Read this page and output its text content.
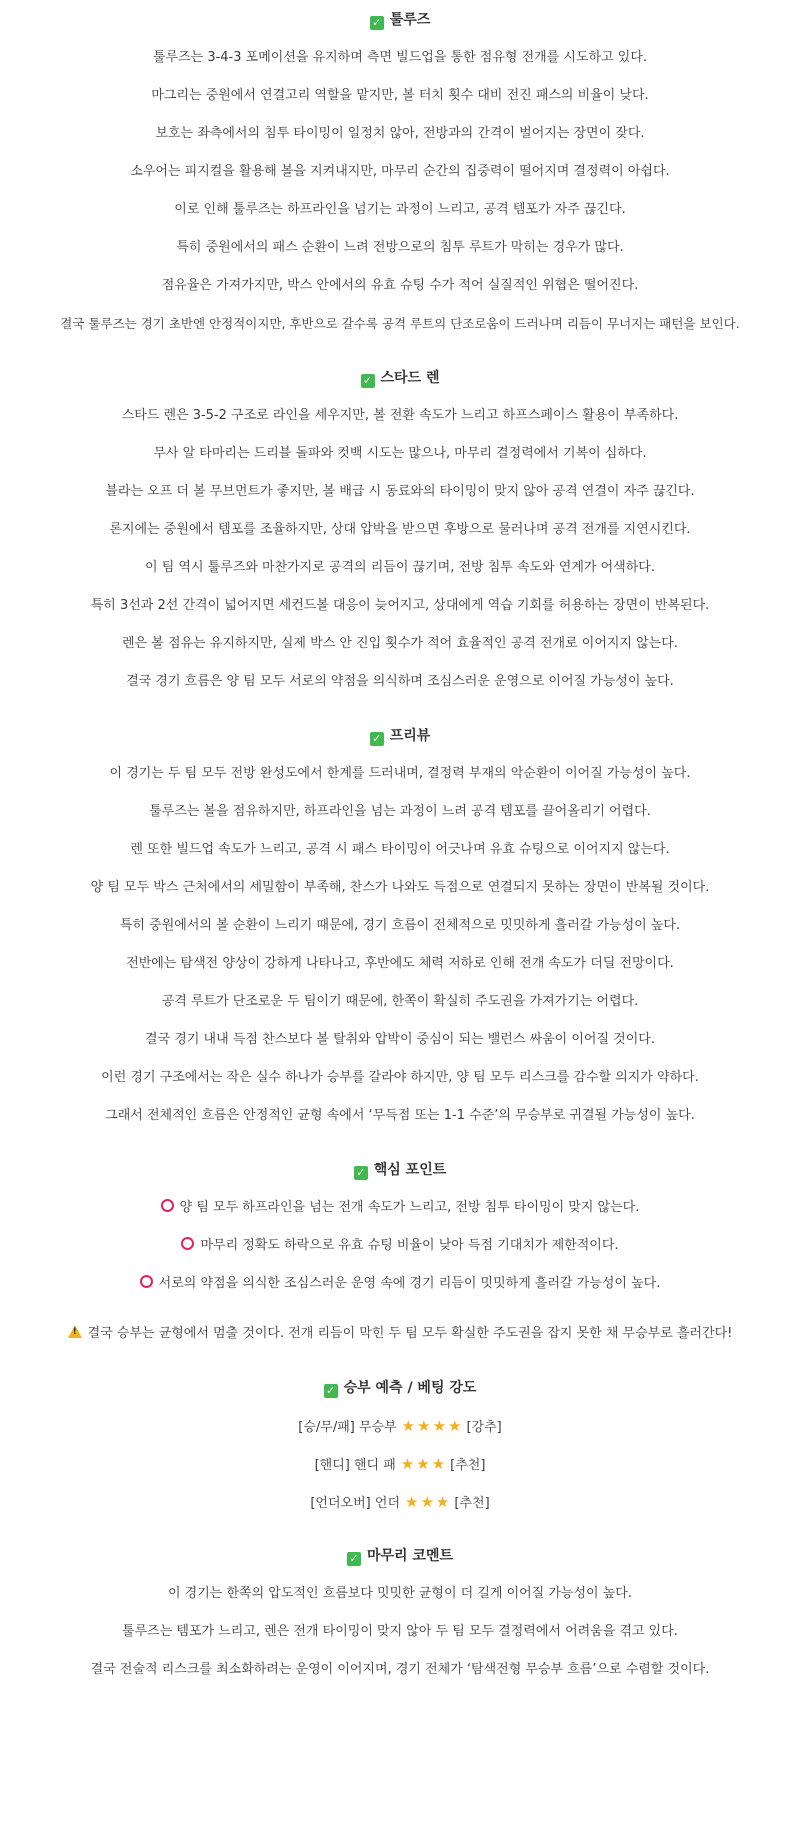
✓ 툴루즈

툴루즈는 3-4-3 포메이션을 유지하며 측면 빌드업을 통한 점유형 전개를 시도하고 있다.

마그리는 중원에서 연결고리 역할을 맡지만, 볼 터치 횟수 대비 전진 패스의 비율이 낮다.

보호는 좌측에서의 침투 타이밍이 일정치 않아, 전방과의 간격이 벌어지는 장면이 잦다.

소우어는 피지컬을 활용해 볼을 지켜내지만, 마무리 순간의 집중력이 떨어지며 결정력이 아쉽다.

이로 인해 툴루즈는 하프라인을 넘기는 과정이 느리고, 공격 템포가 자주 끊긴다.

특히 중원에서의 패스 순환이 느려 전방으로의 침투 루트가 막히는 경우가 많다.

점유율은 가져가지만, 박스 안에서의 유효 슈팅 수가 적어 실질적인 위협은 떨어진다.

결국 툴루즈는 경기 초반엔 안정적이지만, 후반으로 갈수록 공격 루트의 단조로움이 드러나며 리듬이 무너지는 패턴을 보인다.

✓ 스타드 렌

스타드 렌은 3-5-2 구조로 라인을 세우지만, 볼 전환 속도가 느리고 하프스페이스 활용이 부족하다.

무사 알 타마리는 드리블 돌파와 컷백 시도는 많으나, 마무리 결정력에서 기복이 심하다.

블라는 오프 더 볼 무브먼트가 좋지만, 볼 배급 시 동료와의 타이밍이 맞지 않아 공격 연결이 자주 끊긴다.

론지에는 중원에서 템포를 조율하지만, 상대 압박을 받으면 후방으로 물러나며 공격 전개를 지연시킨다.

이 팀 역시 툴루즈와 마찬가지로 공격의 리듬이 끊기며, 전방 침투 속도와 연계가 어색하다.

특히 3선과 2선 간격이 넓어지면 세컨드볼 대응이 늦어지고, 상대에게 역습 기회를 허용하는 장면이 반복된다.

렌은 볼 점유는 유지하지만, 실제 박스 안 진입 횟수가 적어 효율적인 공격 전개로 이어지지 않는다.

결국 경기 흐름은 양 팀 모두 서로의 약점을 의식하며 조심스러운 운영으로 이어질 가능성이 높다.

✓ 프리뷰

이 경기는 두 팀 모두 전방 완성도에서 한계를 드러내며, 결정력 부재의 악순환이 이어질 가능성이 높다.

툴루즈는 볼을 점유하지만, 하프라인을 넘는 과정이 느려 공격 템포를 끌어올리기 어렵다.

렌 또한 빌드업 속도가 느리고, 공격 시 패스 타이밍이 어긋나며 유효 슈팅으로 이어지지 않는다.

양 팀 모두 박스 근처에서의 세밀함이 부족해, 찬스가 나와도 득점으로 연결되지 못하는 장면이 반복될 것이다.

특히 중원에서의 볼 순환이 느리기 때문에, 경기 흐름이 전체적으로 밋밋하게 흘러갈 가능성이 높다.

전반에는 탐색전 양상이 강하게 나타나고, 후반에도 체력 저하로 인해 전개 속도가 더딜 전망이다.

공격 루트가 단조로운 두 팀이기 때문에, 한쪽이 확실히 주도권을 가져가기는 어렵다.

결국 경기 내내 득점 찬스보다 볼 탈취와 압박이 중심이 되는 밸런스 싸움이 이어질 것이다.

이런 경기 구조에서는 작은 실수 하나가 승부를 갈라야 하지만, 양 팀 모두 리스크를 감수할 의지가 약하다.

그래서 전체적인 흐름은 안정적인 균형 속에서 ‘무득점 또는 1-1 수준’의 무승부로 귀결될 가능성이 높다.

✓ 핵심 포인트

양 팀 모두 하프라인을 넘는 전개 속도가 느리고, 전방 침투 타이밍이 맞지 않는다.

마무리 정확도 하락으로 유효 슈팅 비율이 낮아 득점 기대치가 제한적이다.

서로의 약점을 의식한 조심스러운 운영 속에 경기 리듬이 밋밋하게 흘러갈 가능성이 높다.

!결국 승부는 균형에서 멈출 것이다. 전개 리듬이 막힌 두 팀 모두 확실한 주도권을 잡지 못한 채 무승부로 흘러간다!

✓ 승부 예측 / 베팅 강도

[승/무/패] 무승부 ★ ★ ★ ★ [강추]

[핸디] 핸디 패 ★ ★ ★ [추천]

[언더오버] 언더 ★ ★ ★ [추천]

✓ 마무리 코멘트

이 경기는 한쪽의 압도적인 흐름보다 밋밋한 균형이 더 길게 이어질 가능성이 높다.

툴루즈는 템포가 느리고, 렌은 전개 타이밍이 맞지 않아 두 팀 모두 결정력에서 어려움을 겪고 있다.

결국 전술적 리스크를 최소화하려는 운영이 이어지며, 경기 전체가 ‘탐색전형 무승부 흐름’으로 수렴할 것이다.
